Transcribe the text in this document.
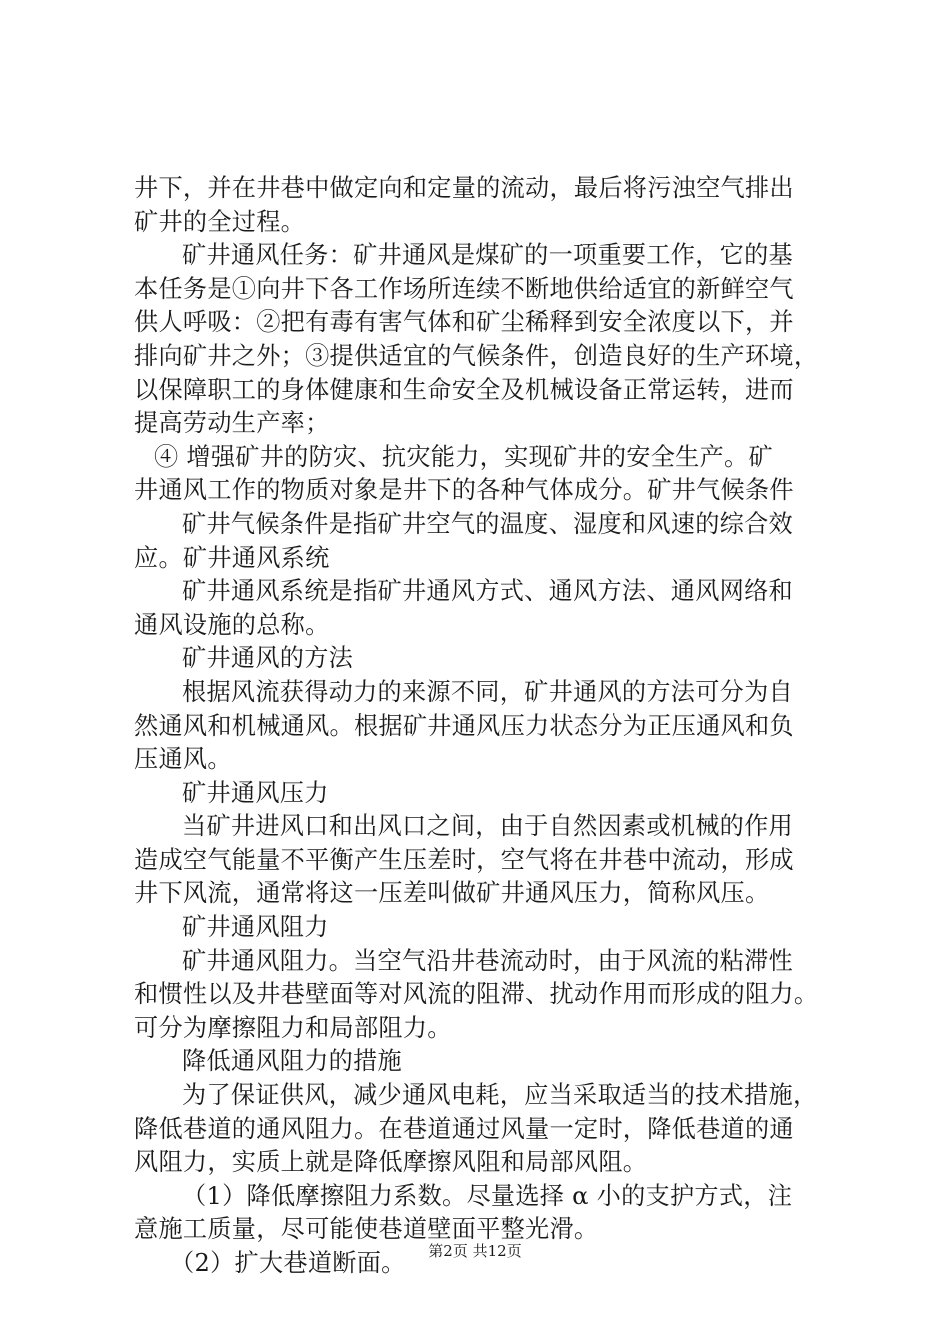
井下，并在井巷中做定向和定量的流动，最后将污浊空气排出
矿井的全过程。
矿井通风任务：矿井通风是煤矿的一项重要工作，它的基
本任务是①向井下各工作场所连续不断地供给适宜的新鲜空气
供人呼吸：②把有毒有害气体和矿尘稀释到安全浓度以下，并
排向矿井之外；③提供适宜的气候条件，创造良好的生产环境，
以保障职工的身体健康和生命安全及机械设备正常运转，进而
提高劳动生产率；
④ 增强矿井的防灾、抗灾能力，实现矿井的安全生产。矿
井通风工作的物质对象是井下的各种气体成分。矿井气候条件
矿井气候条件是指矿井空气的温度、湿度和风速的综合效
应。矿井通风系统
矿井通风系统是指矿井通风方式、通风方法、通风网络和
通风设施的总称。
矿井通风的方法
根据风流获得动力的来源不同，矿井通风的方法可分为自
然通风和机械通风。根据矿井通风压力状态分为正压通风和负
压通风。
矿井通风压力
当矿井进风口和出风口之间，由于自然因素或机械的作用
造成空气能量不平衡产生压差时，空气将在井巷中流动，形成
井下风流，通常将这一压差叫做矿井通风压力，简称风压。
矿井通风阻力
矿井通风阻力。当空气沿井巷流动时，由于风流的粘滞性
和惯性以及井巷壁面等对风流的阻滞、扰动作用而形成的阻力。
可分为摩擦阻力和局部阻力。
降低通风阻力的措施
为了保证供风，减少通风电耗，应当采取适当的技术措施，
降低巷道的通风阻力。在巷道通过风量一定时，降低巷道的通
风阻力，实质上就是降低摩擦风阻和局部风阻。
（1）降低摩擦阻力系数。尽量选择 α 小的支护方式，注
意施工质量，尽可能使巷道壁面平整光滑。
（2）扩大巷道断面。	第2页 共12页
